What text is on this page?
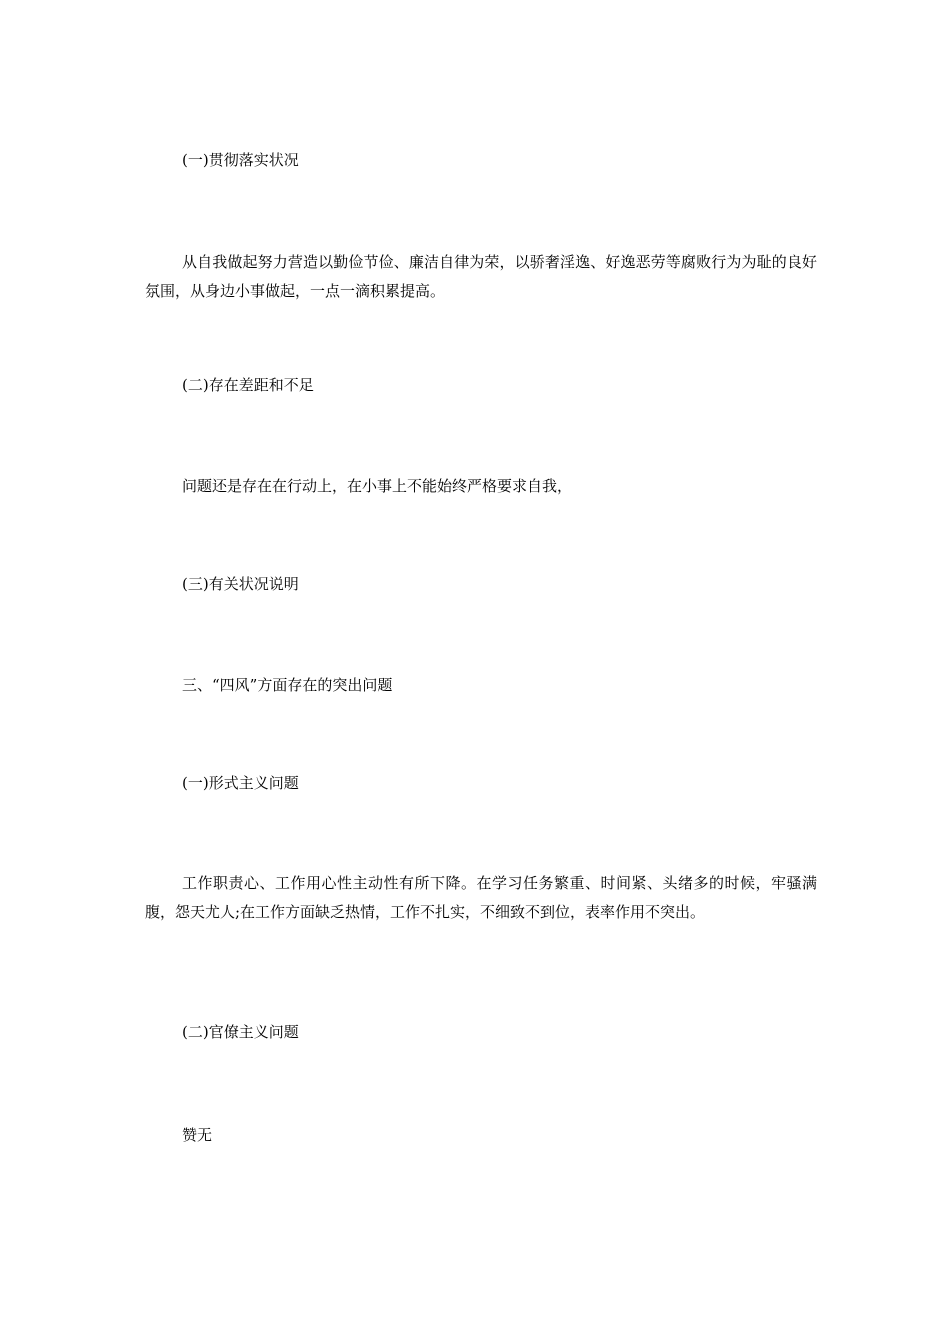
(一)贯彻落实状况

从自我做起努力营造以勤俭节俭、廉洁自律为荣，以骄奢淫逸、好逸恶劳等腐败行为为耻的良好氛围，从身边小事做起，一点一滴积累提高。

(二)存在差距和不足

问题还是存在在行动上，在小事上不能始终严格要求自我，

(三)有关状况说明

三、“四风”方面存在的突出问题

(一)形式主义问题

工作职责心、工作用心性主动性有所下降。在学习任务繁重、时间紧、头绪多的时候，牢骚满腹，怨天尤人;在工作方面缺乏热情，工作不扎实，不细致不到位，表率作用不突出。

(二)官僚主义问题

赞无
